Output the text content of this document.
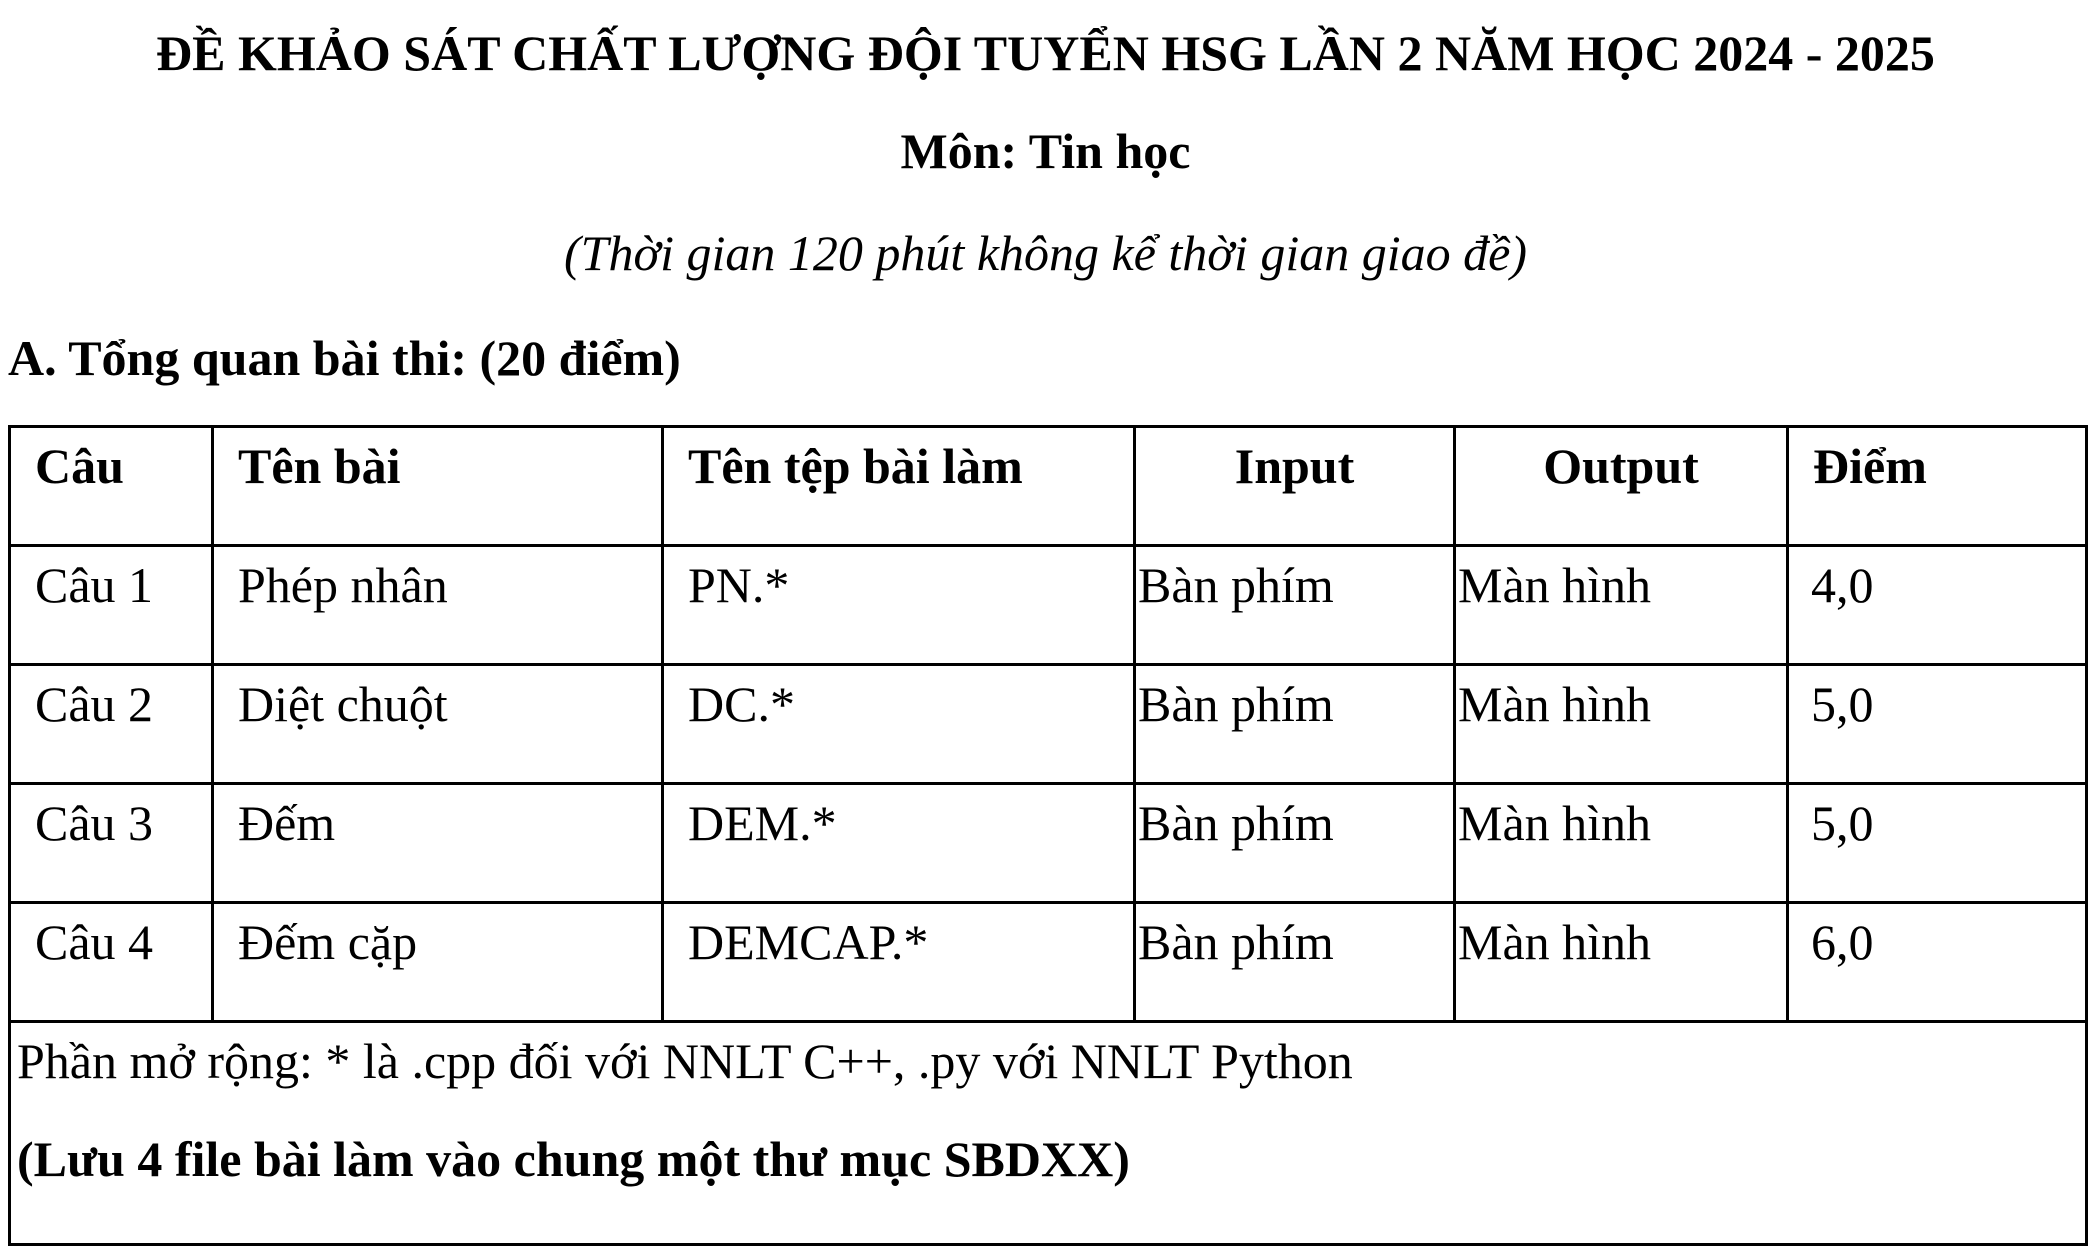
ĐỀ KHẢO SÁT CHẤT LƯỢNG ĐỘI TUYỂN HSG LẦN 2 NĂM HỌC 2024 - 2025
Môn: Tin học
(Thời gian 120 phút không kể thời gian giao đề)
A. Tổng quan bài thi: (20 điểm)
Câu	Tên bài	Tên tệp bài làm	Input	Output	Điểm
Câu 1	Phép nhân	PN.*	Bàn phím	Màn hình	4,0
Câu 2	Diệt chuột	DC.*	Bàn phím	Màn hình	5,0
Câu 3	Đếm	DEM.*	Bàn phím	Màn hình	5,0
Câu 4	Đếm cặp	DEMCAP.*	Bàn phím	Màn hình	6,0

Phần mở rộng: * là .cpp đối với NNLT C++, .py với NNLT Python
(Lưu 4 file bài làm vào chung một thư mục SBDXX)					
